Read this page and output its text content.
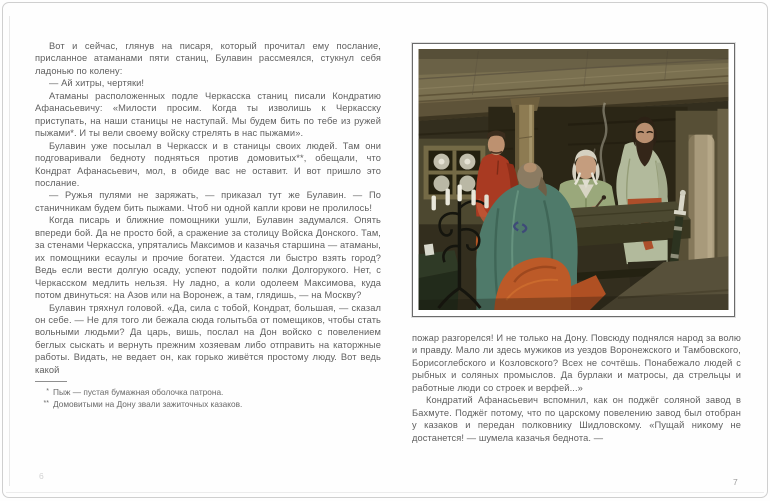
Вот и сейчас, глянув на писаря, который прочитал ему послание, присланное атаманами пяти станиц, Булавин рассмеялся, стукнул себя ладонью по колену:

— Ай хитры, чертяки!

Атаманы расположенных подле Черкасска станиц писали Кондратию Афанасьевичу: «Милости просим. Когда ты изволишь к Черкасску приступать, на наши станицы не наступай. Мы будем бить по тебе из ружей пыжами*. И ты вели своему войску стрелять в нас пыжами».

Булавин уже посылал в Черкасск и в станицы своих людей. Там они подговаривали бедноту подняться против домовитых**, обещали, что Кондрат Афанасьевич, мол, в обиде вас не оставит. И вот пришло это послание.

— Ружья пулями не заряжать, — приказал тут же Булавин. — По станичникам будем бить пыжами. Чтоб ни одной капли крови не пролилось!

Когда писарь и ближние помощники ушли, Булавин задумался. Опять впереди бой. Да не просто бой, а сражение за столицу Войска Донского. Там, за стенами Черкасска, упрятались Максимов и казачья старшина — атаманы, их помощники есаулы и прочие богатеи. Удастся ли быстро взять город? Ведь если вести долгую осаду, успеют подойти полки Долгорукого. Нет, с Черкасском медлить нельзя. Ну ладно, а коли одолеем Максимова, куда потом двинуться: на Азов или на Воронеж, а там, глядишь, — на Москву?

Булавин тряхнул головой. «Да, сила с тобой, Кондрат, большая, — сказал он себе. — Не для того ли бежала сюда голытьба от помещиков, чтобы стать вольными людьми? Да царь, вишь, послал на Дон войско с повелением беглых сыскать и вернуть прежним хозяевам либо отправить на каторжные работы. Видать, не ведает он, как горько живётся простому люду. Вот ведь какой

* Пыж — пустая бумажная оболочка патрона.
** Домовитыми на Дону звали зажиточных казаков.
6

пожар разгорелся! И не только на Дону. Повсюду поднялся народ за волю и правду. Мало ли здесь мужиков из уездов Воронежского и Тамбовского, Борисоглебского и Козловского? Всех не сочтёшь. Понабежало людей с рыбных и соляных промыслов. Да бурлаки и матросы, да стрельцы и работные люди со строек и верфей...»

Кондратий Афанасьевич вспомнил, как он поджёг соляной завод в Бахмуте. Поджёг потому, что по царскому повелению завод был отобран у казаков и передан полковнику Шидловскому. «Пущай никому не достанется! — шумела казачья беднота. —

7
